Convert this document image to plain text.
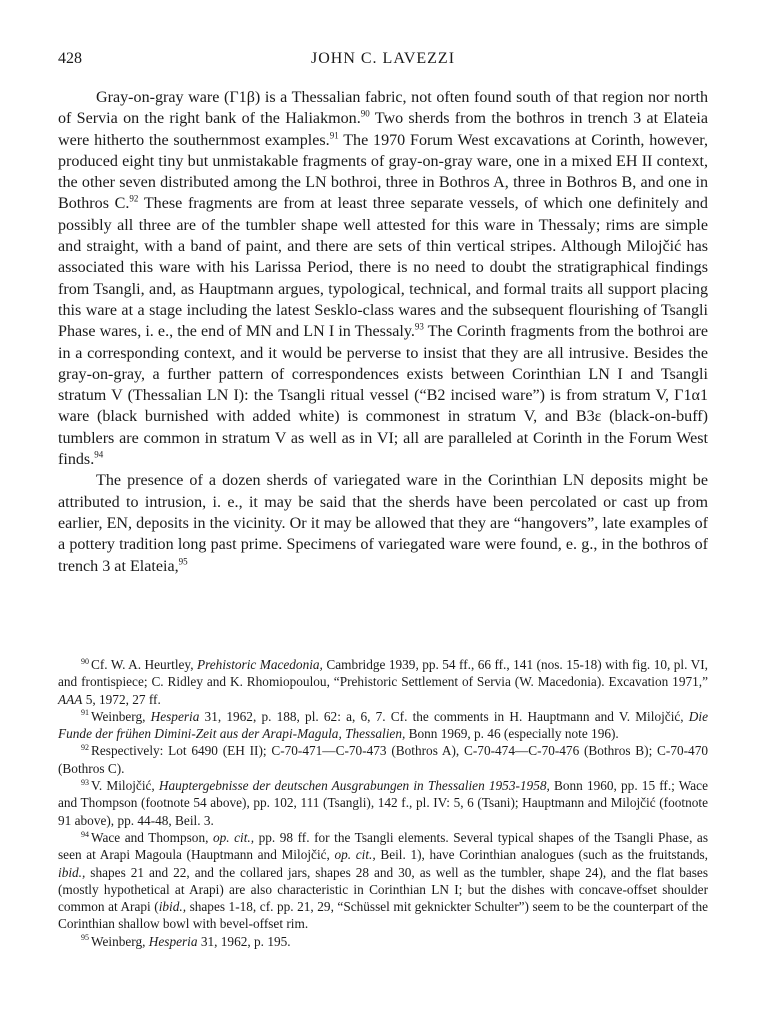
428	JOHN C. LAVEZZI

Gray-on-gray ware (Γ1β) is a Thessalian fabric, not often found south of that region nor north of Servia on the right bank of the Haliakmon.$^{90}$ Two sherds from the bothros in trench 3 at Elateia were hitherto the southernmost examples.$^{91}$ The 1970 Forum West excavations at Corinth, however, produced eight tiny but unmistakable fragments of gray-on-gray ware, one in a mixed EH II context, the other seven distributed among the LN bothroi, three in Bothros A, three in Bothros B, and one in Bothros C.$^{92}$ These fragments are from at least three separate vessels, of which one definitely and possibly all three are of the tumbler shape well attested for this ware in Thessaly; rims are simple and straight, with a band of paint, and there are sets of thin vertical stripes. Although Milojčić has associated this ware with his Larissa Period, there is no need to doubt the stratigraphical findings from Tsangli, and, as Hauptmann argues, typological, technical, and formal traits all support placing this ware at a stage including the latest Sesklo-class wares and the subsequent flourishing of Tsangli Phase wares, i. e., the end of MN and LN I in Thessaly.$^{93}$ The Corinth fragments from the bothroi are in a corresponding context, and it would be perverse to insist that they are all intrusive. Besides the gray-on-gray, a further pattern of correspondences exists between Corinthian LN I and Tsangli stratum V (Thessalian LN I): the Tsangli ritual vessel (“B2 incised ware”) is from stratum V, Γ1α1 ware (black burnished with added white) is commonest in stratum V, and B3ε (black-on-buff) tumblers are common in stratum V as well as in VI; all are paralleled at Corinth in the Forum West finds.$^{94}$

The presence of a dozen sherds of variegated ware in the Corinthian LN deposits might be attributed to intrusion, i. e., it may be said that the sherds have been percolated or cast up from earlier, EN, deposits in the vicinity. Or it may be allowed that they are “hangovers”, late examples of a pottery tradition long past prime. Specimens of variegated ware were found, e. g., in the bothros of trench 3 at Elateia,$^{95}$

$^{90}$ Cf. W. A. Heurtley, Prehistoric Macedonia, Cambridge 1939, pp. 54 ff., 66 ff., 141 (nos. 15-18) with fig. 10, pl. VI, and frontispiece; C. Ridley and K. Rhomiopoulou, “Prehistoric Settlement of Servia (W. Macedonia). Excavation 1971,” AAA 5, 1972, 27 ff.

$^{91}$ Weinberg, Hesperia 31, 1962, p. 188, pl. 62: a, 6, 7. Cf. the comments in H. Hauptmann and V. Milojčić, Die Funde der frühen Dimini-Zeit aus der Arapi-Magula, Thessalien, Bonn 1969, p. 46 (especially note 196).

$^{92}$ Respectively: Lot 6490 (EH II); C-70-471—C-70-473 (Bothros A), C-70-474—C-70-476 (Bothros B); C-70-470 (Bothros C).

$^{93}$ V. Milojčić, Hauptergebnisse der deutschen Ausgrabungen in Thessalien 1953-1958, Bonn 1960, pp. 15 ff.; Wace and Thompson (footnote 54 above), pp. 102, 111 (Tsangli), 142 f., pl. IV: 5, 6 (Tsani); Hauptmann and Milojčić (footnote 91 above), pp. 44-48, Beil. 3.

$^{94}$ Wace and Thompson, op. cit., pp. 98 ff. for the Tsangli elements. Several typical shapes of the Tsangli Phase, as seen at Arapi Magoula (Hauptmann and Milojčić, op. cit., Beil. 1), have Corinthian analogues (such as the fruitstands, ibid., shapes 21 and 22, and the collared jars, shapes 28 and 30, as well as the tumbler, shape 24), and the flat bases (mostly hypothetical at Arapi) are also characteristic in Corinthian LN I; but the dishes with concave-offset shoulder common at Arapi (ibid., shapes 1-18, cf. pp. 21, 29, “Schüssel mit geknickter Schulter”) seem to be the counterpart of the Corinthian shallow bowl with bevel-offset rim.

$^{95}$ Weinberg, Hesperia 31, 1962, p. 195.
